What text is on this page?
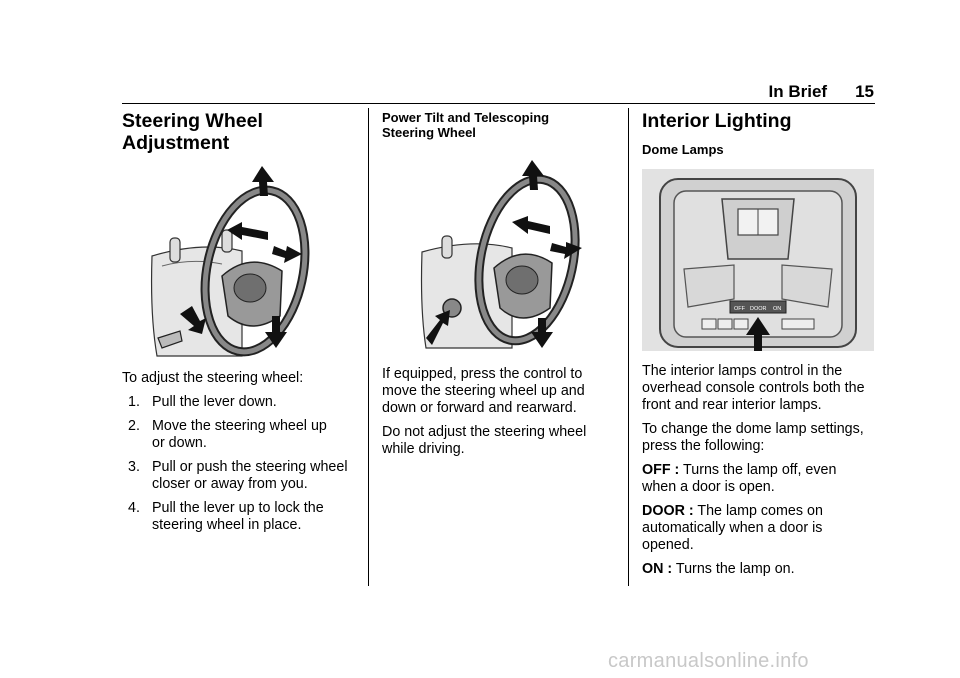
In Brief 15
Steering Wheel
Adjustment

To adjust the steering wheel:

1. Pull the lever down.
2. Move the steering wheel up
or down.
3. Pull or push the steering wheel
closer or away from you.
4. Pull the lever up to lock the
steering wheel in place.
Power Tilt and Telescoping
Steering Wheel

If equipped, press the control to
move the steering wheel up and
down or forward and rearward.

Do not adjust the steering wheel
while driving.

Interior Lighting
Dome Lamps
OFF DOOR ON

The interior lamps control in the
overhead console controls both the
front and rear interior lamps.

To change the dome lamp settings,
press the following:

OFF : Turns the lamp off, even
when a door is open.

DOOR : The lamp comes on
automatically when a door is
opened.

ON : Turns the lamp on.

carmanualsonline.info
